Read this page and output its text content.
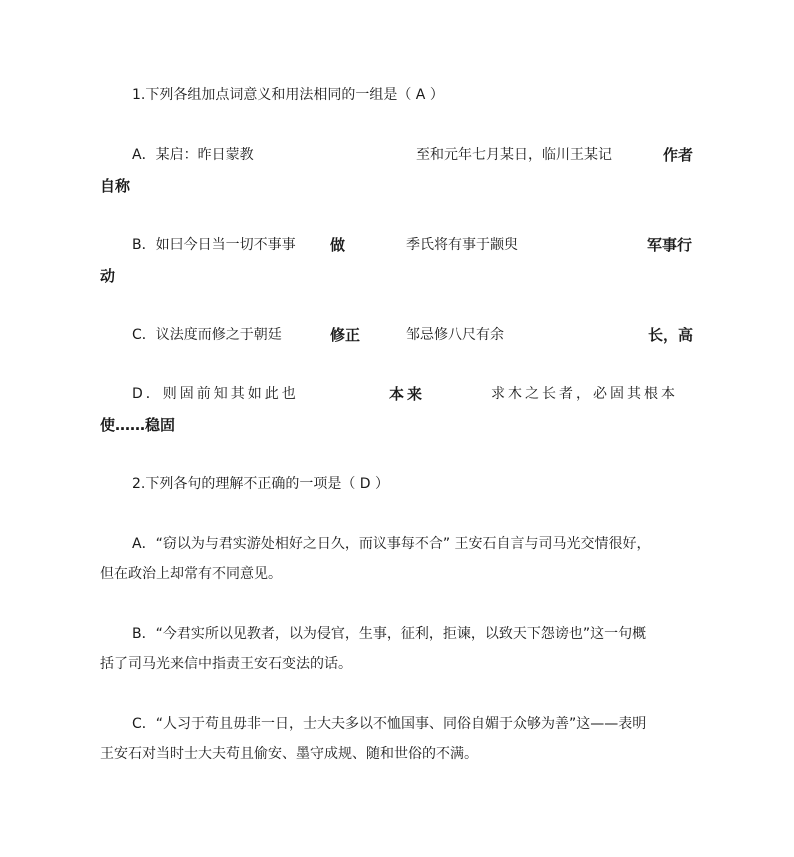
1.下列各组加点词意义和用法相同的一组是（ A ）
A．某启：昨日蒙教	至和元年七月某日，临川王某记	作者
自称
B．如曰今日当一切不事事 做	季氏将有事于颛臾	军事行
动
C．议法度而修之于朝廷	修正	邹忌修八尺有余	长，高
D．则固前知其如此也	本来	求木之长者，必固其根本
使……稳固
2.下列各句的理解不正确的一项是（ D ）
A．“窃以为与君实游处相好之日久，而议事每不合” 王安石自言与司马光交情很好，
但在政治上却常有不同意见。
B．“今君实所以见教者，以为侵官，生事，征利，拒谏，以致天下怨谤也”这一句概
括了司马光来信中指责王安石变法的话。
C．“人习于苟且毋非一日，士大夫多以不恤国事、同俗自媚于众够为善”这——表明
王安石对当时士大夫苟且偷安、墨守成规、随和世俗的不满。
